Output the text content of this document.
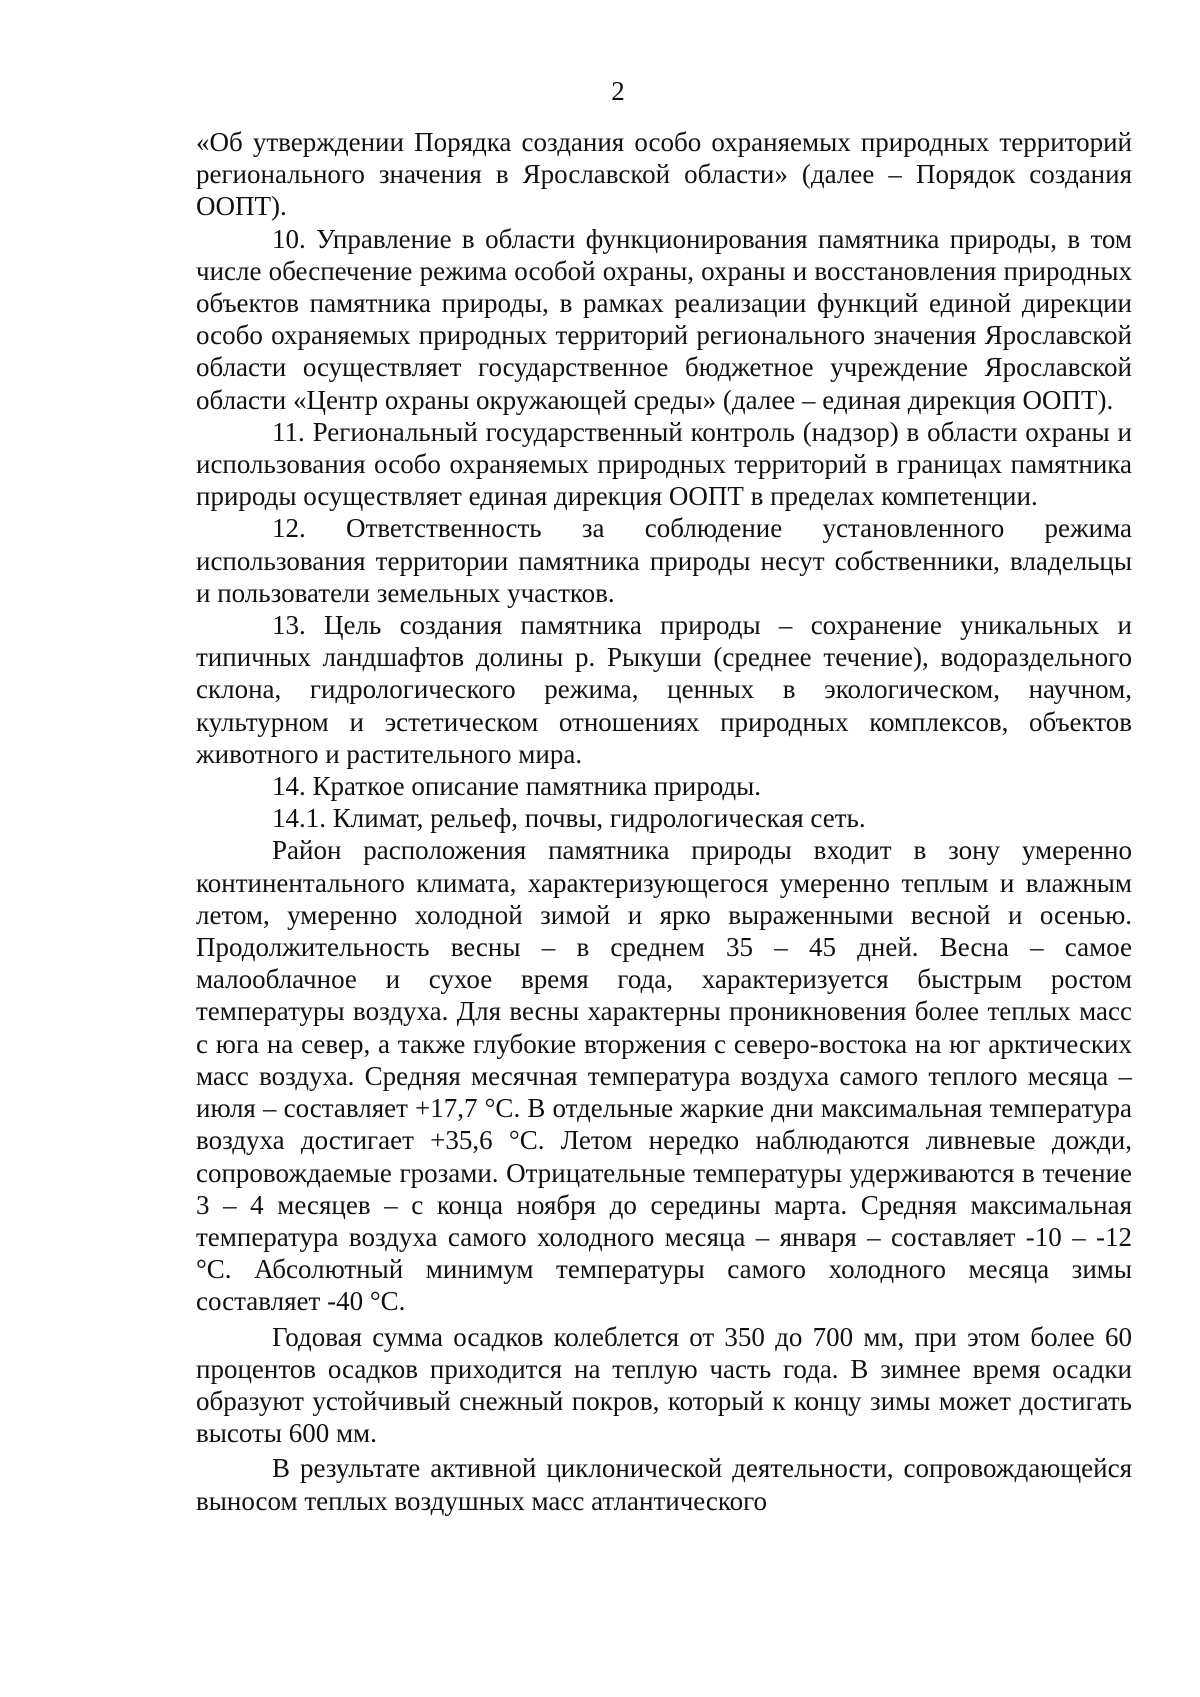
2

«Об утверждении Порядка создания особо охраняемых природных территорий регионального значения в Ярославской области» (далее – Порядок создания ООПТ).

10. Управление в области функционирования памятника природы, в том числе обеспечение режима особой охраны, охраны и восстановления природных объектов памятника природы, в рамках реализации функций единой дирекции особо охраняемых природных территорий регионального значения Ярославской области осуществляет государственное бюджетное учреждение Ярославской области «Центр охраны окружающей среды» (далее – единая дирекция ООПТ).

11. Региональный государственный контроль (надзор) в области охраны и использования особо охраняемых природных территорий в границах памятника природы осуществляет единая дирекция ООПТ в пределах компетенции.

12. Ответственность за соблюдение установленного режима использования территории памятника природы несут собственники, владельцы и пользователи земельных участков.

13. Цель создания памятника природы – сохранение уникальных и типичных ландшафтов долины р. Рыкуши (среднее течение), водораздельного склона, гидрологического режима, ценных в экологическом, научном, культурном и эстетическом отношениях природных комплексов, объектов животного и растительного мира.

14. Краткое описание памятника природы.

14.1. Климат, рельеф, почвы, гидрологическая сеть.

Район расположения памятника природы входит в зону умеренно континентального климата, характеризующегося умеренно теплым и влажным летом, умеренно холодной зимой и ярко выраженными весной и осенью. Продолжительность весны – в среднем 35 – 45 дней. Весна – самое малооблачное и сухое время года, характеризуется быстрым ростом температуры воздуха. Для весны характерны проникновения более теплых масс с юга на север, а также глубокие вторжения с северо-востока на юг арктических масс воздуха. Средняя месячная температура воздуха самого теплого месяца – июля – составляет +17,7 °С. В отдельные жаркие дни максимальная температура воздуха достигает +35,6 °С. Летом нередко наблюдаются ливневые дожди, сопровождаемые грозами. Отрицательные температуры удерживаются в течение 3 – 4 месяцев – с конца ноября до середины марта. Средняя максимальная температура воздуха самого холодного месяца – января – составляет -10 – -12 °С. Абсолютный минимум температуры самого холодного месяца зимы составляет -40 °С.

Годовая сумма осадков колеблется от 350 до 700 мм, при этом более 60 процентов осадков приходится на теплую часть года. В зимнее время осадки образуют устойчивый снежный покров, который к концу зимы может достигать высоты 600 мм.

В результате активной циклонической деятельности, сопровождающейся выносом теплых воздушных масс атлантического
